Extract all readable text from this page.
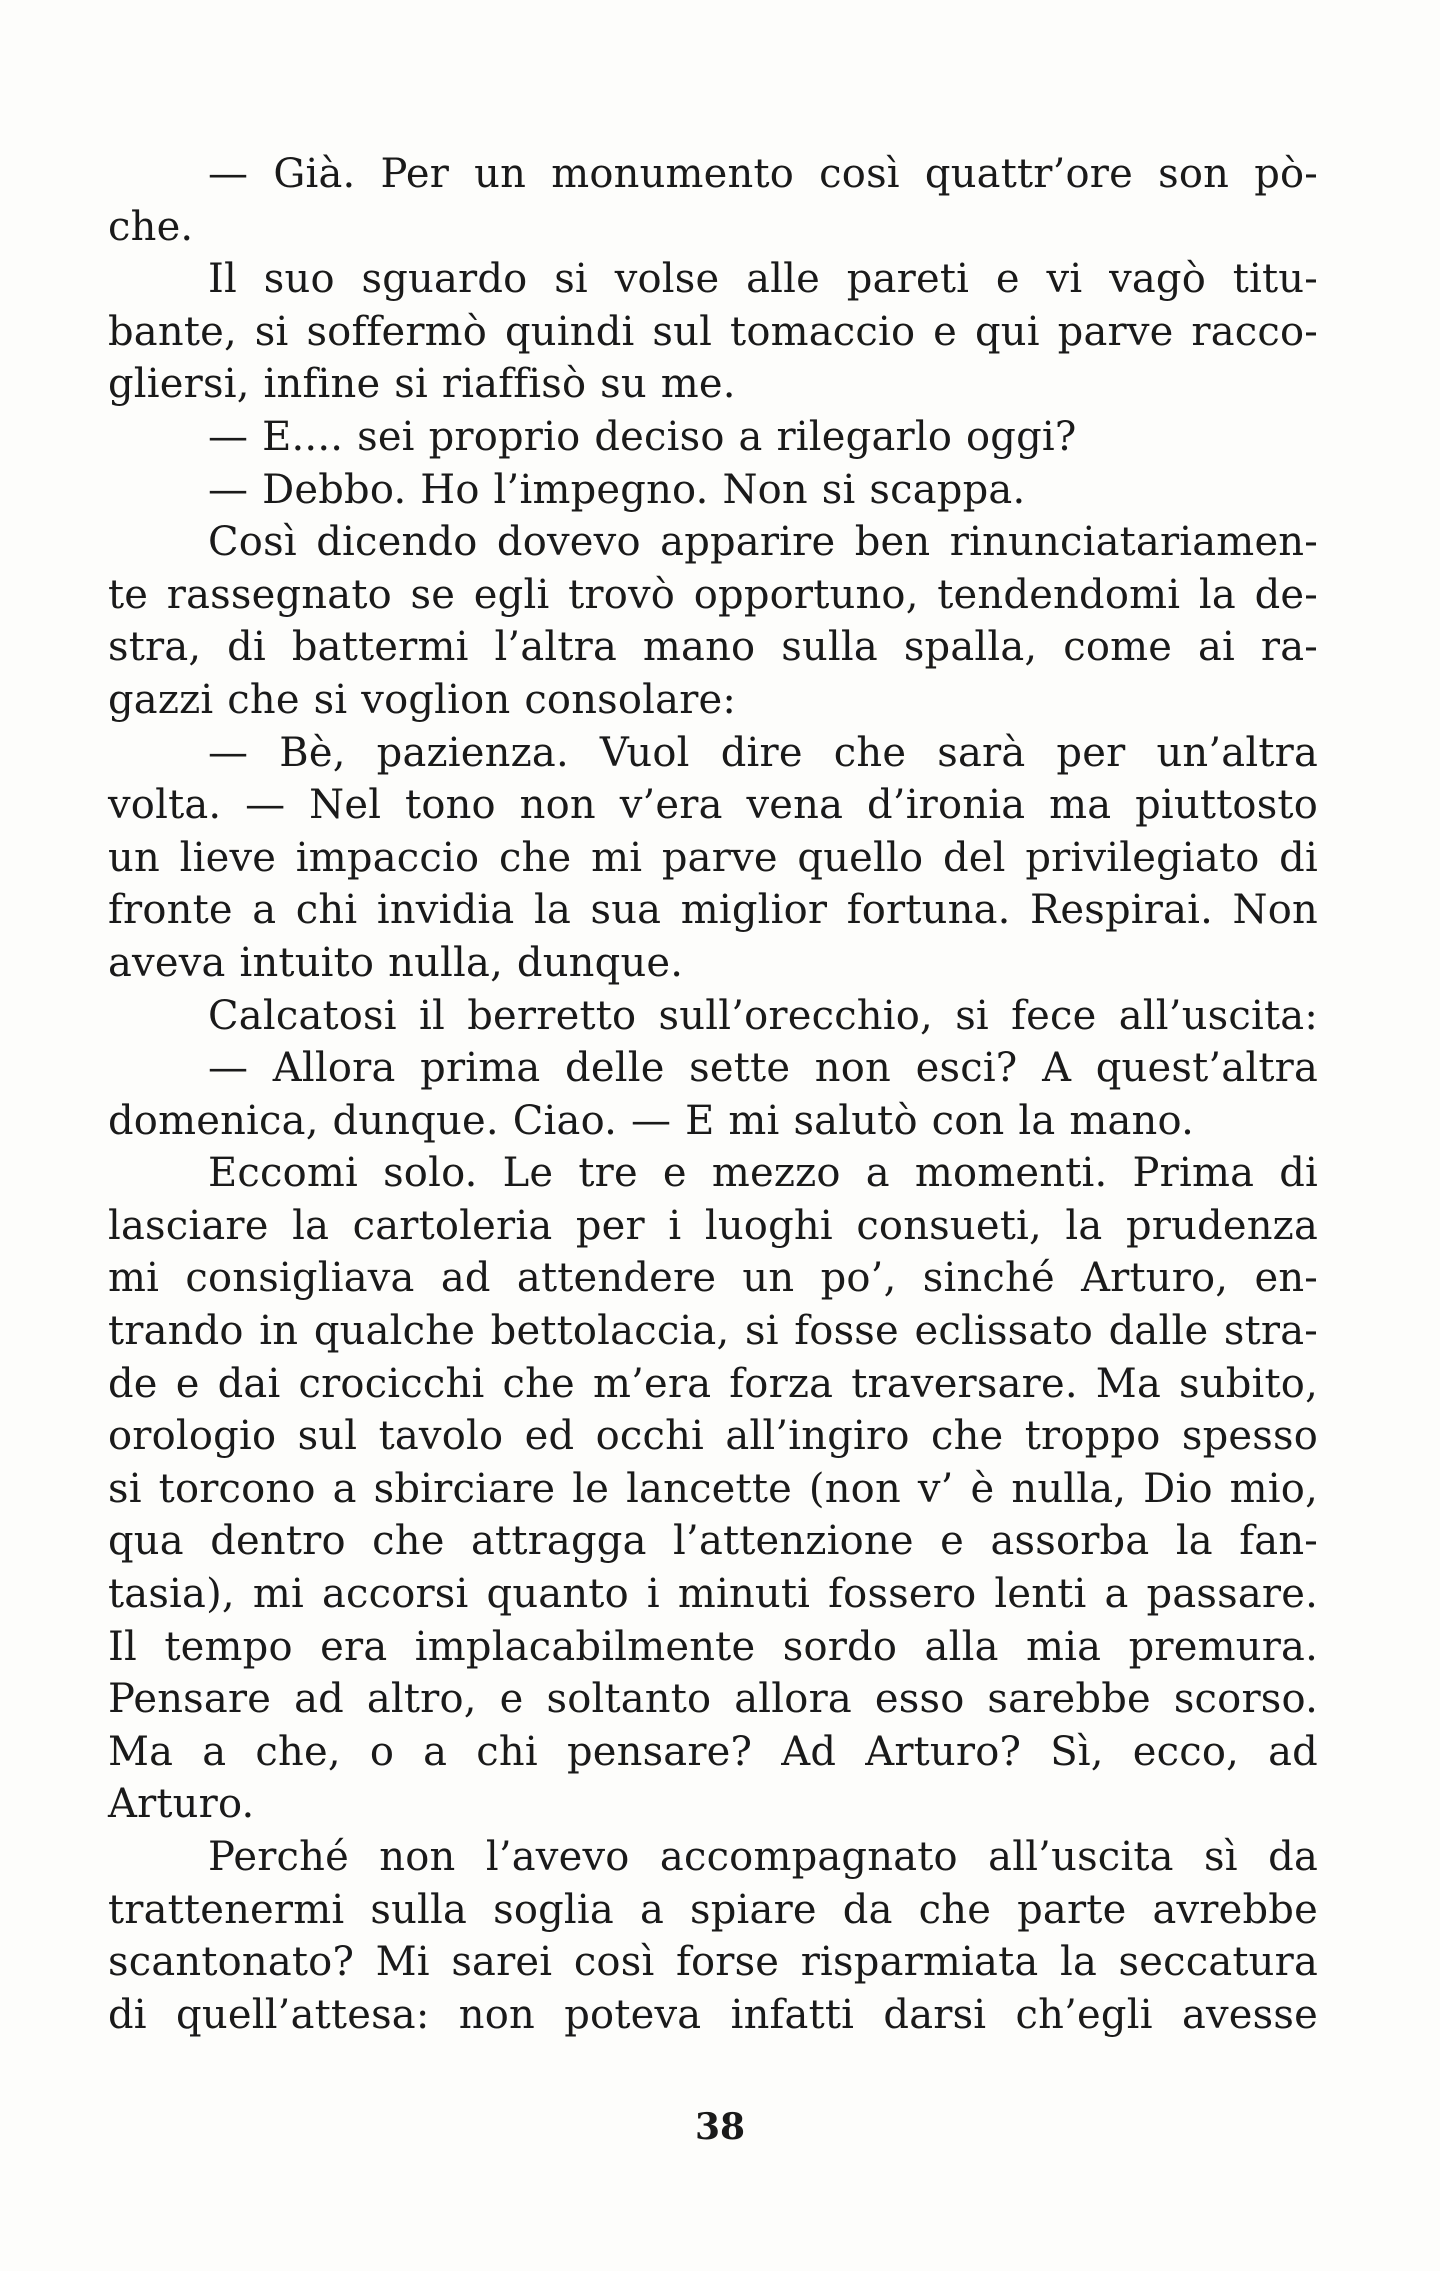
— Già. Per un monumento così quattr’ore son pò-
che.
Il suo sguardo si volse alle pareti e vi vagò titu-
bante, si soffermò quindi sul tomaccio e qui parve racco-
gliersi, infine si riaffisò su me.
— E.... sei proprio deciso a rilegarlo oggi?
— Debbo. Ho l’impegno. Non si scappa.
Così dicendo dovevo apparire ben rinunciatariamen-
te rassegnato se egli trovò opportuno, tendendomi la de-
stra, di battermi l’altra mano sulla spalla, come ai ra-
gazzi che si voglion consolare:
— Bè, pazienza. Vuol dire che sarà per un’altra
volta. — Nel tono non v’era vena d’ironia ma piuttosto
un lieve impaccio che mi parve quello del privilegiato di
fronte a chi invidia la sua miglior fortuna. Respirai. Non
aveva intuito nulla, dunque.
Calcatosi il berretto sull’orecchio, si fece all’uscita:
— Allora prima delle sette non esci? A quest’altra
domenica, dunque. Ciao. — E mi salutò con la mano.
Eccomi solo. Le tre e mezzo a momenti. Prima di
lasciare la cartoleria per i luoghi consueti, la prudenza
mi consigliava ad attendere un po’, sinché Arturo, en-
trando in qualche bettolaccia, si fosse eclissato dalle stra-
de e dai crocicchi che m’era forza traversare. Ma subito,
orologio sul tavolo ed occhi all’ingiro che troppo spesso
si torcono a sbirciare le lancette (non v’ è nulla, Dio mio,
qua dentro che attragga l’attenzione e assorba la fan-
tasia), mi accorsi quanto i minuti fossero lenti a passare.
Il tempo era implacabilmente sordo alla mia premura.
Pensare ad altro, e soltanto allora esso sarebbe scorso.
Ma a che, o a chi pensare? Ad Arturo? Sì, ecco, ad
Arturo.
Perché non l’avevo accompagnato all’uscita sì da
trattenermi sulla soglia a spiare da che parte avrebbe
scantonato? Mi sarei così forse risparmiata la seccatura
di quell’attesa: non poteva infatti darsi ch’egli avesse
38
